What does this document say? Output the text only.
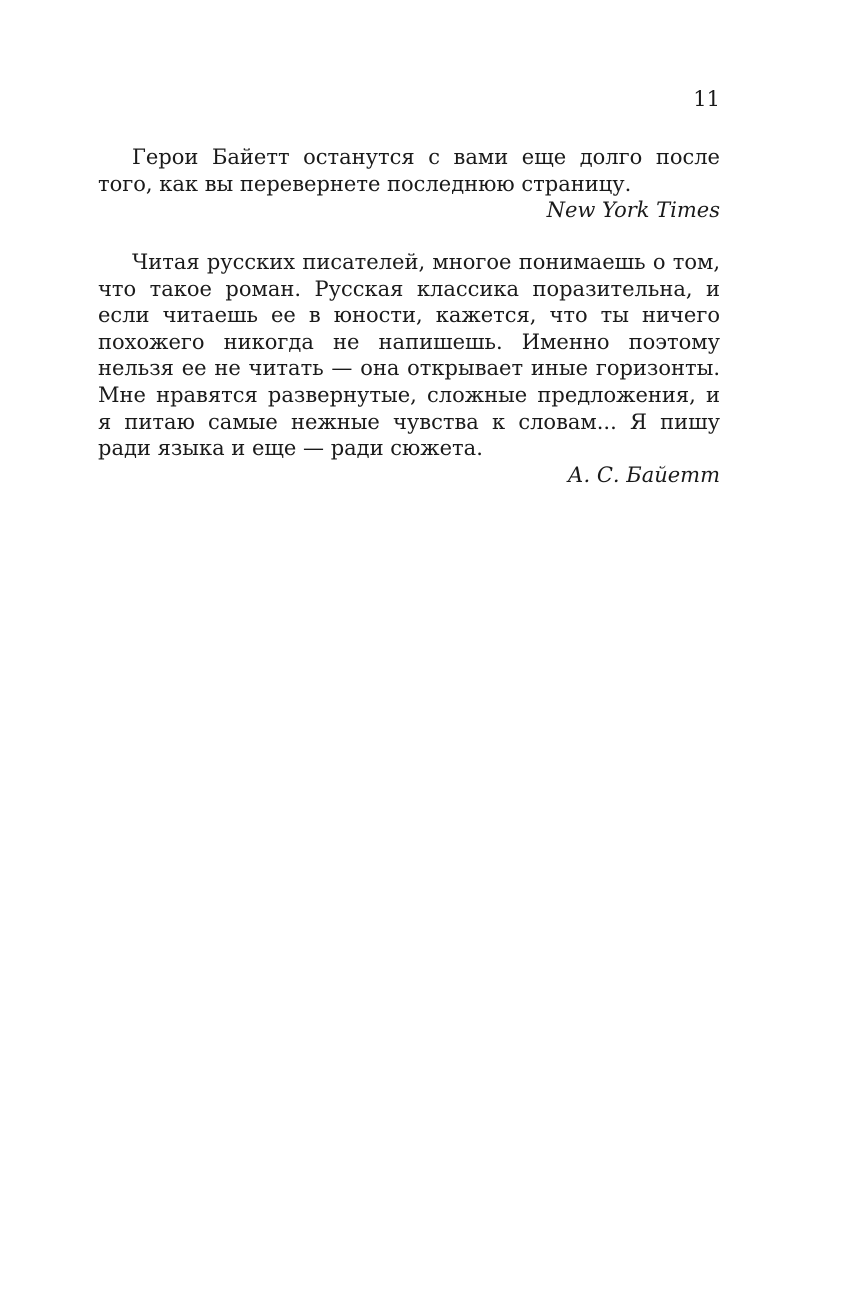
11

Герои Байетт останутся с вами еще долго после того, как вы перевернете последнюю страницу.

New York Times

Читая русских писателей, многое понимаешь о том, что такое роман. Русская классика поразительна, и если читаешь ее в юности, кажется, что ты ничего похожего никогда не напишешь. Именно поэтому нельзя ее не читать — она открывает иные горизонты. Мне нравятся развернутые, сложные предложения, и я питаю самые нежные чувства к словам... Я пишу ради языка и еще — ради сюжета.

А. С. Байетт
